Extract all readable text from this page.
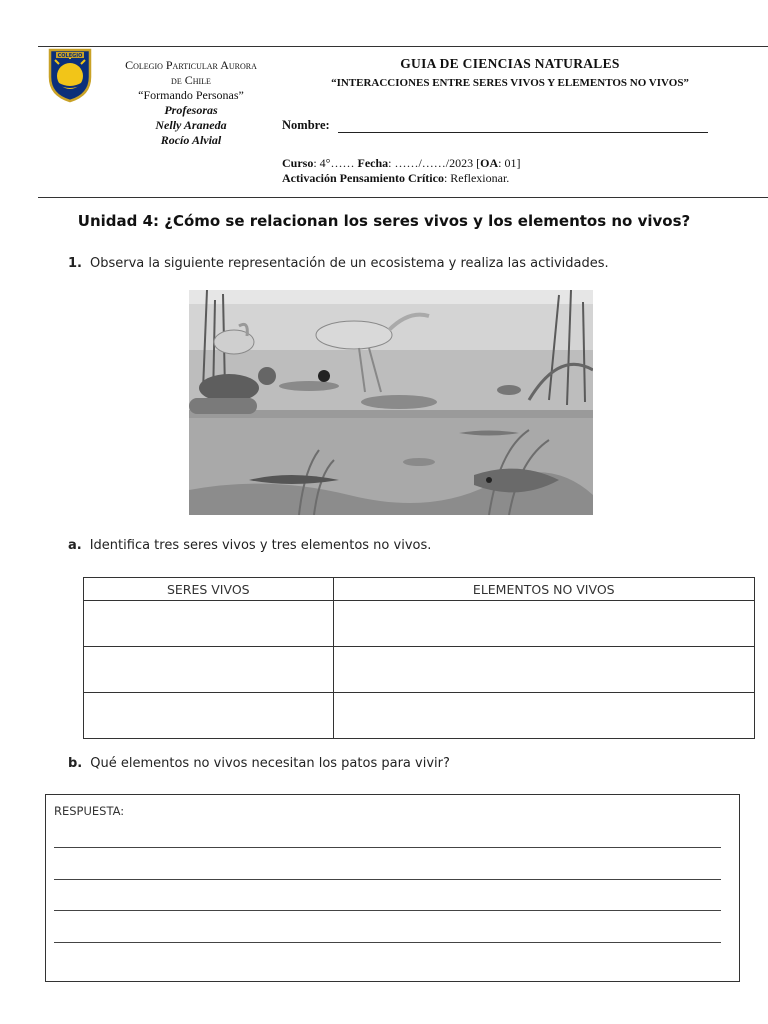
COLEGIO
Colegio Particular Aurora
de Chile
“Formando Personas”
Profesoras
Nelly Araneda
Rocío Alvial
GUIA DE CIENCIAS NATURALES
“INTERACCIONES ENTRE SERES VIVOS Y ELEMENTOS NO VIVOS”
Nombre:
Curso: 4°…… Fecha: ……/……/2023 [OA: 01]
Activación Pensamiento Crítico: Reflexionar.
Unidad 4: ¿Cómo se relacionan los seres vivos y los elementos no vivos?
1. Observa la siguiente representación de un ecosistema y realiza las actividades.
a. Identifica tres seres vivos y tres elementos no vivos.
SERES VIVOS	ELEMENTOS NO VIVOS

b. Qué elementos no vivos necesitan los patos para vivir?
RESPUESTA:
